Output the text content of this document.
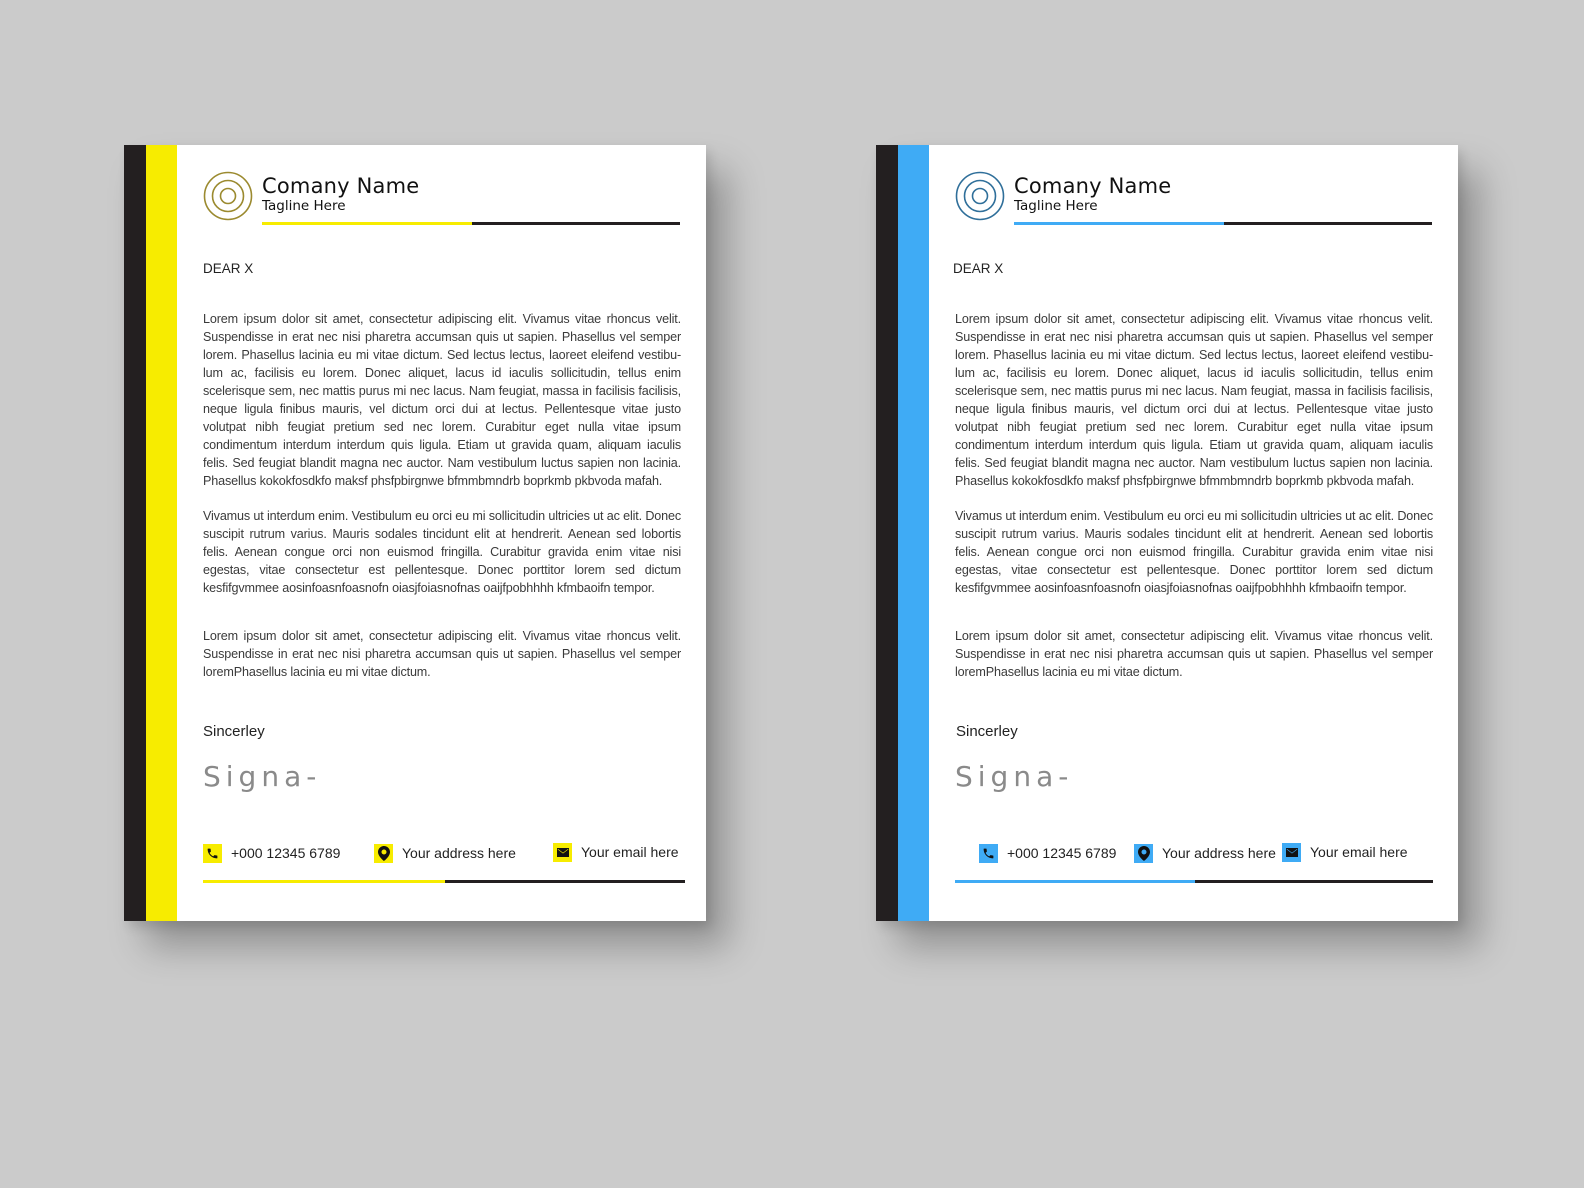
Comany Name
Tagline Here
DEAR X
Lorem ipsum dolor sit amet, consectetur adipiscing elit. Vivamus vitae rhoncus velit. Suspendisse in erat nec nisi pharetra accumsan quis ut sapien. Phasellus vel semper lorem. Phasellus lacinia eu mi vitae dictum. Sed lectus lectus, laoreet eleifend vestibu-lum ac, facilisis eu lorem. Donec aliquet, lacus id iaculis sollicitudin, tellus enim scelerisque sem, nec mattis purus mi nec lacus. Nam feugiat, massa in facilisis facilisis, neque ligula finibus mauris, vel dictum orci dui at lectus. Pellentesque vitae justo volutpat nibh feugiat pretium sed nec lorem. Curabitur eget nulla vitae ipsum condimentum interdum interdum quis ligula. Etiam ut gravida quam, aliquam iaculis felis. Sed feugiat blandit magna nec auctor. Nam vestibulum luctus sapien non lacinia. Phasellus kokokfosdkfo maksf phsfpbirgnwe bfmmbmndrb boprkmb pkbvoda mafah.
Vivamus ut interdum enim. Vestibulum eu orci eu mi sollicitudin ultricies ut ac elit. Donec suscipit rutrum varius. Mauris sodales tincidunt elit at hendrerit. Aenean sed lobortis felis. Aenean congue orci non euismod fringilla. Curabitur gravida enim vitae nisi egestas, vitae consectetur est pellentesque. Donec porttitor lorem sed dictum kesfifgvmmee aosinfoasnfoasnofn oiasjfoiasnofnas oaijfpobhhhh kfmbaoifn tempor.
Lorem ipsum dolor sit amet, consectetur adipiscing elit. Vivamus vitae rhoncus velit. Suspendisse in erat nec nisi pharetra accumsan quis ut sapien. Phasellus vel semper loremPhasellus lacinia eu mi vitae dictum.
Sincerley
Signa-
+000 12345 6789	Your address here	Your email here
Comany Name
Tagline Here
DEAR X
Lorem ipsum dolor sit amet, consectetur adipiscing elit. Vivamus vitae rhoncus velit. Suspendisse in erat nec nisi pharetra accumsan quis ut sapien. Phasellus vel semper lorem. Phasellus lacinia eu mi vitae dictum. Sed lectus lectus, laoreet eleifend vestibu-lum ac, facilisis eu lorem. Donec aliquet, lacus id iaculis sollicitudin, tellus enim scelerisque sem, nec mattis purus mi nec lacus. Nam feugiat, massa in facilisis facilisis, neque ligula finibus mauris, vel dictum orci dui at lectus. Pellentesque vitae justo volutpat nibh feugiat pretium sed nec lorem. Curabitur eget nulla vitae ipsum condimentum interdum interdum quis ligula. Etiam ut gravida quam, aliquam iaculis felis. Sed feugiat blandit magna nec auctor. Nam vestibulum luctus sapien non lacinia. Phasellus kokokfosdkfo maksf phsfpbirgnwe bfmmbmndrb boprkmb pkbvoda mafah.
Vivamus ut interdum enim. Vestibulum eu orci eu mi sollicitudin ultricies ut ac elit. Donec suscipit rutrum varius. Mauris sodales tincidunt elit at hendrerit. Aenean sed lobortis felis. Aenean congue orci non euismod fringilla. Curabitur gravida enim vitae nisi egestas, vitae consectetur est pellentesque. Donec porttitor lorem sed dictum kesfifgvmmee aosinfoasnfoasnofn oiasjfoiasnofnas oaijfpobhhhh kfmbaoifn tempor.
Lorem ipsum dolor sit amet, consectetur adipiscing elit. Vivamus vitae rhoncus velit. Suspendisse in erat nec nisi pharetra accumsan quis ut sapien. Phasellus vel semper loremPhasellus lacinia eu mi vitae dictum.
Sincerley
Signa-
+000 12345 6789	Your address here Your email here
